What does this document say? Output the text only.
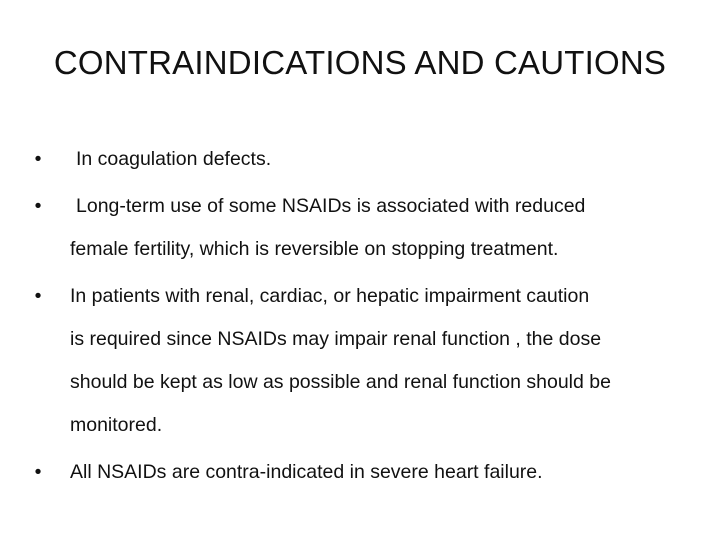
CONTRAINDICATIONS AND CAUTIONS
•	In coagulation defects.
•	Long-term use of some NSAIDs is associated with reduced
female fertility, which is reversible on stopping treatment.
• In patients with renal, cardiac, or hepatic impairment caution
is required since NSAIDs may impair renal function , the dose
should be kept as low as possible and renal function should be
monitored.
• All NSAIDs are contra-indicated in severe heart failure.
